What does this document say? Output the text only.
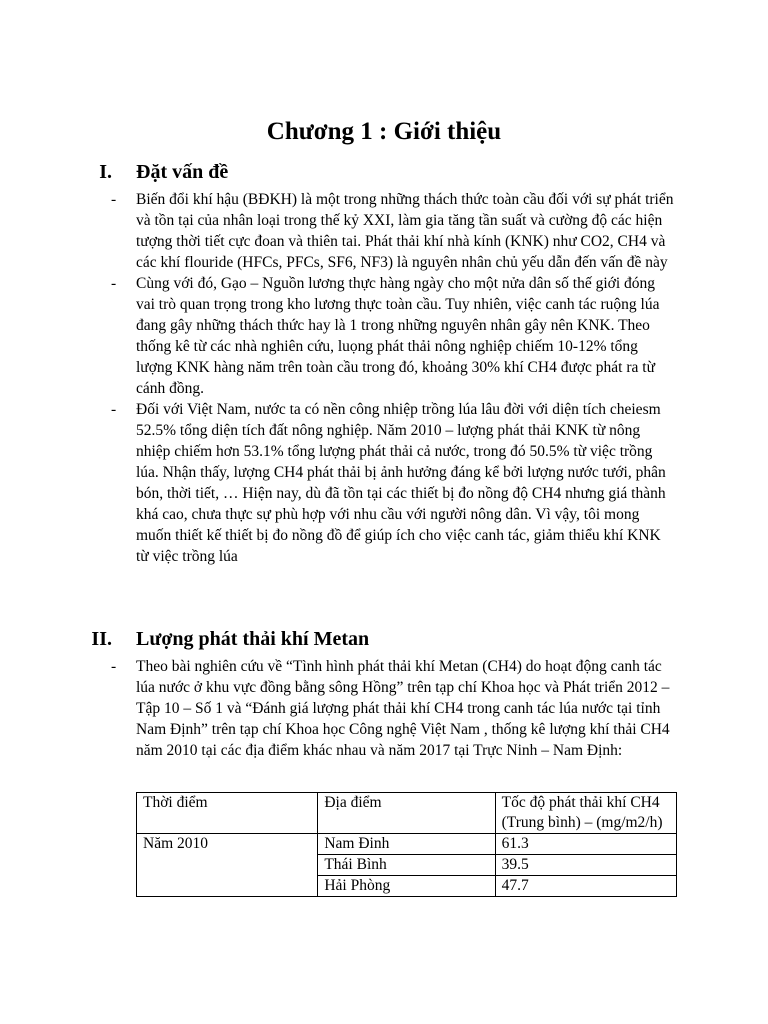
Chương 1 : Giới thiệu
I. Đặt vấn đề
- Biến đổi khí hậu (BĐKH) là một trong những thách thức toàn cầu đối với sự phát triển và tồn tại của nhân loại trong thế kỷ XXI, làm gia tăng tần suất và cường độ các hiện tượng thời tiết cực đoan và thiên tai. Phát thải khí nhà kính (KNK) như CO2, CH4 và các khí flouride (HFCs, PFCs, SF6, NF3) là nguyên nhân chủ yếu dẫn đến vấn đề này
- Cùng với đó, Gạo – Nguồn lương thực hàng ngày cho một nửa dân số thế giới đóng vai trò quan trọng trong kho lương thực toàn cầu. Tuy nhiên, việc canh tác ruộng lúa đang gây những thách thức hay là 1 trong những nguyên nhân gây nên KNK. Theo thống kê từ các nhà nghiên cứu, luọng phát thải nông nghiệp chiếm 10-12% tổng lượng KNK hàng năm trên toàn cầu trong đó, khoảng 30% khí CH4 được phát ra từ cánh đồng.
- Đối với Việt Nam, nước ta có nền công nhiệp trồng lúa lâu đời với diện tích cheiesm 52.5% tổng diện tích đất nông nghiệp. Năm 2010 – lượng phát thải KNK từ nông nhiệp chiếm hơn 53.1% tổng lượng phát thải cả nước, trong đó 50.5% từ việc trồng lúa. Nhận thấy, lượng CH4 phát thải bị ảnh hưởng đáng kể bởi lượng nước tưới, phân bón, thời tiết, … Hiện nay, dù đã tồn tại các thiết bị đo nồng độ CH4 nhưng giá thành khá cao, chưa thực sự phù hợp với nhu cầu với người nông dân. Vì vậy, tôi mong muốn thiết kế thiết bị đo nồng đồ để giúp ích cho việc canh tác, giảm thiểu khí KNK từ việc trồng lúa
II. Lượng phát thải khí Metan
- Theo bài nghiên cứu về “Tình hình phát thải khí Metan (CH4) do hoạt động canh tác lúa nước ở khu vực đồng bằng sông Hồng” trên tạp chí Khoa học và Phát triển 2012 – Tập 10 – Số 1 và “Đánh giá lượng phát thải khí CH4 trong canh tác lúa nước tại tỉnh Nam Định” trên tạp chí Khoa học Công nghệ Việt Nam , thống kê lượng khí thải CH4 năm 2010 tại các địa điểm khác nhau và năm 2017 tại Trực Ninh – Nam Định:
Thời điểm	Địa điểm	Tốc độ phát thải khí CH4 (Trung bình) – (mg/m2/h)
Năm 2010	Nam Đinh	61.3
	Thái Bình	39.5
	Hải Phòng	47.7
